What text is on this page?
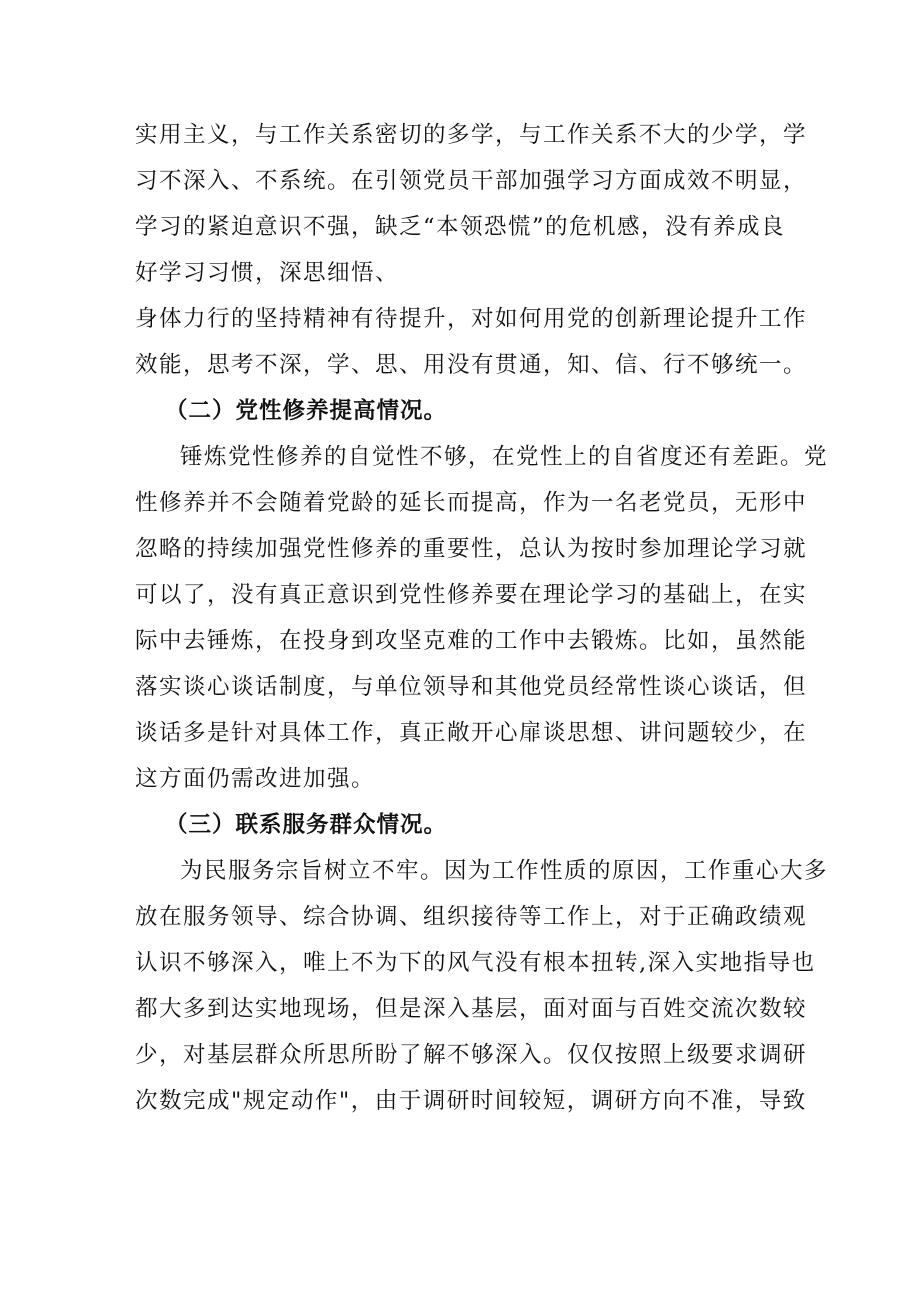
实用主义，与工作关系密切的多学，与工作关系不大的少学，学
习不深入、不系统。在引领党员干部加强学习方面成效不明显，
学习的紧迫意识不强，缺乏“本领恐慌”的危机感，没有养成良
好学习习惯，深思细悟、
身体力行的坚持精神有待提升，对如何用党的创新理论提升工作
效能，思考不深，学、思、用没有贯通，知、信、行不够统一。
（二）党性修养提高情况。
锤炼党性修养的自觉性不够，在党性上的自省度还有差距。党
性修养并不会随着党龄的延长而提高，作为一名老党员，无形中
忽略的持续加强党性修养的重要性，总认为按时参加理论学习就
可以了，没有真正意识到党性修养要在理论学习的基础上，在实
际中去锤炼，在投身到攻坚克难的工作中去锻炼。比如，虽然能
落实谈心谈话制度，与单位领导和其他党员经常性谈心谈话，但
谈话多是针对具体工作，真正敞开心扉谈思想、讲问题较少，在
这方面仍需改进加强。
（三）联系服务群众情况。
为民服务宗旨树立不牢。因为工作性质的原因，工作重心大多
放在服务领导、综合协调、组织接待等工作上，对于正确政绩观
认识不够深入，唯上不为下的风气没有根本扭转,深入实地指导也
都大多到达实地现场，但是深入基层，面对面与百姓交流次数较
少，对基层群众所思所盼了解不够深入。仅仅按照上级要求调研
次数完成"规定动作"，由于调研时间较短，调研方向不准，导致
